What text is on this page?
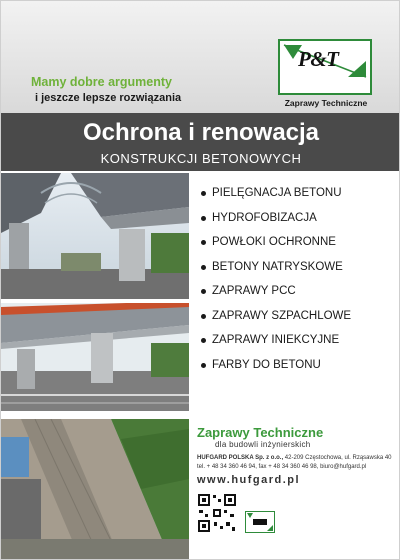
Mamy dobre argumenty
i jeszcze lepsze rozwiązania
P&T
Zaprawy Techniczne
Ochrona i renowacja
KONSTRUKCJI BETONOWYCH
PIELĘGNACJA BETONU
HYDROFOBIZACJA
POWŁOKI OCHRONNE
BETONY NATRYSKOWE
ZAPRAWY PCC
ZAPRAWY SZPACHLOWE
ZAPRAWY INIEKCYJNE
FARBY DO BETONU
Zaprawy Techniczne
dla budowli inżynierskich
HUFGARD POLSKA Sp. z o.o., 42-209 Częstochowa, ul. Rząsawska 40
tel. + 48 34 360 46 94, fax + 48 34 360 46 98, biuro@hufgard.pl
www.hufgard.pl
